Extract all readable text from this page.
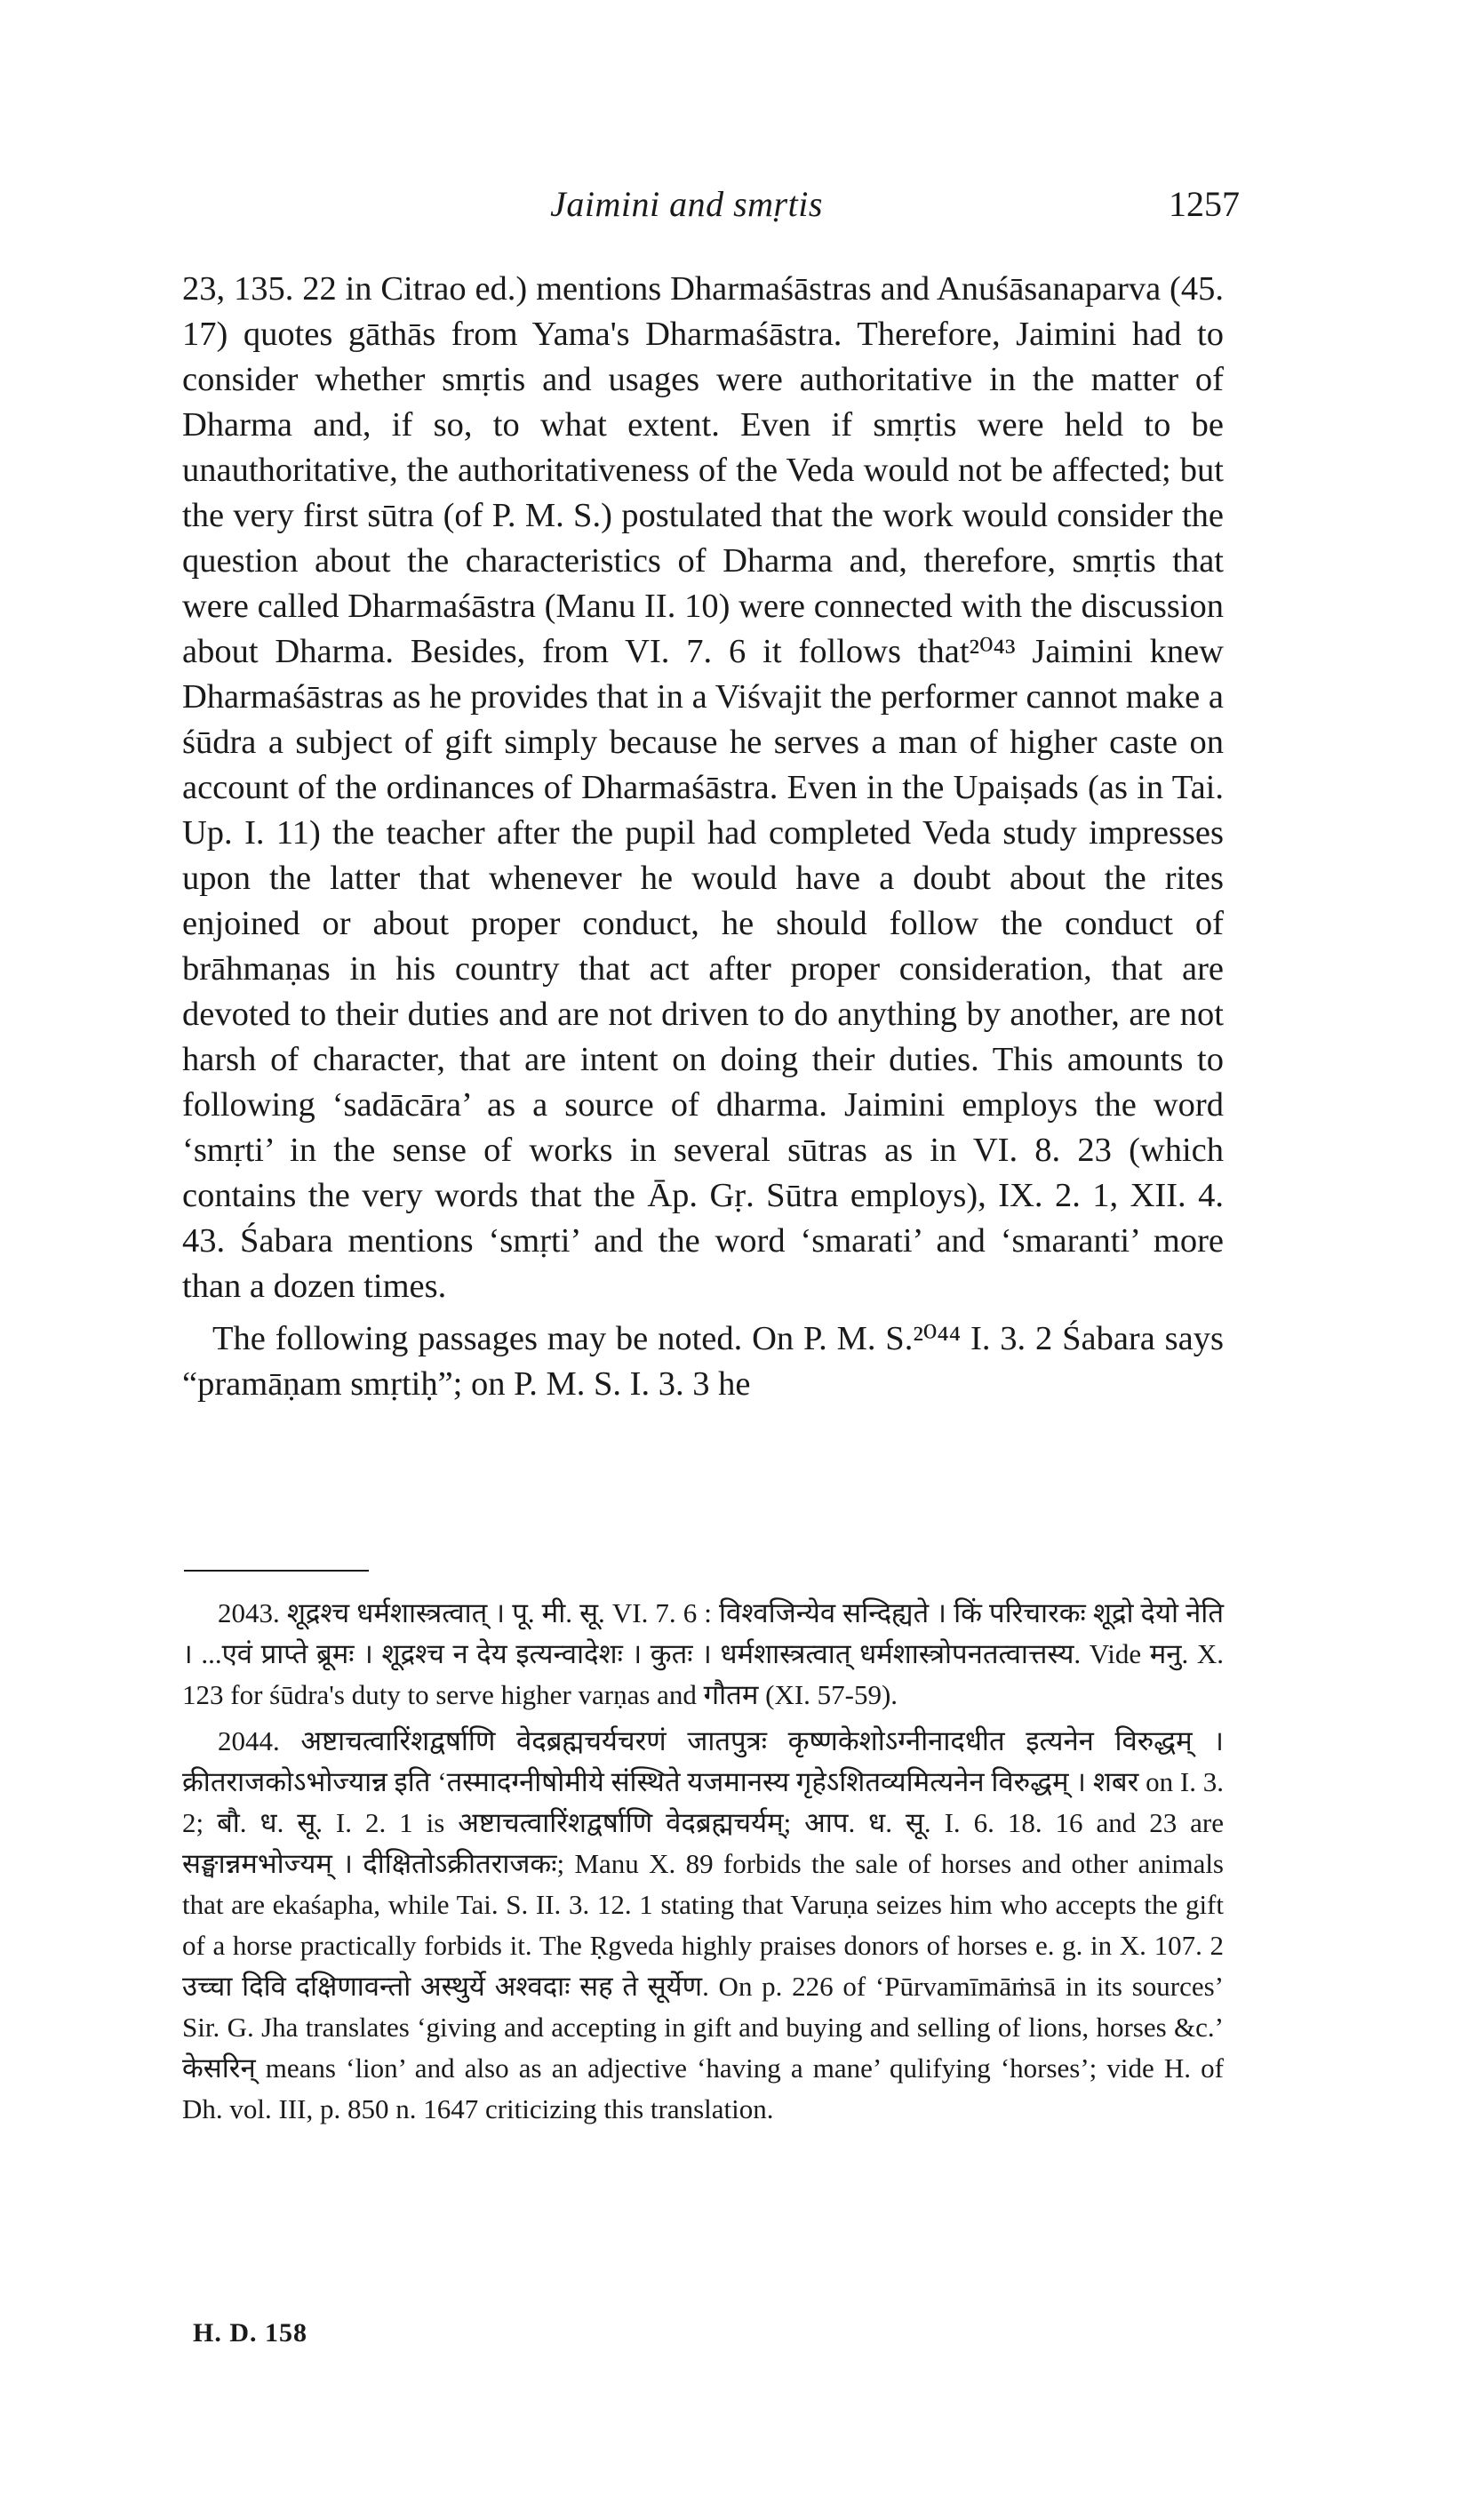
Jaimini and smṛtis	1257

23, 135. 22 in Citrao ed.) mentions Dharmaśāstras and Anuśāsanaparva (45. 17) quotes gāthās from Yama's Dharmaśāstra. Therefore, Jaimini had to consider whether smṛtis and usages were authoritative in the matter of Dharma and, if so, to what extent. Even if smṛtis were held to be unauthoritative, the authoritativeness of the Veda would not be affected; but the very first sūtra (of P. M. S.) postulated that the work would consider the question about the characteristics of Dharma and, therefore, smṛtis that were called Dharmaśāstra (Manu II. 10) were connected with the discussion about Dharma. Besides, from VI. 7. 6 it follows that²⁰⁴³ Jaimini knew Dharmaśāstras as he provides that in a Viśvajit the performer cannot make a śūdra a subject of gift simply because he serves a man of higher caste on account of the ordinances of Dharmaśāstra. Even in the Upaiṣads (as in Tai. Up. I. 11) the teacher after the pupil had completed Veda study impresses upon the latter that whenever he would have a doubt about the rites enjoined or about proper conduct, he should follow the conduct of brāhmaṇas in his country that act after proper consideration, that are devoted to their duties and are not driven to do anything by another, are not harsh of character, that are intent on doing their duties. This amounts to following ‘sadācāra’ as a source of dharma. Jaimini employs the word ‘smṛti’ in the sense of works in several sūtras as in VI. 8. 23 (which contains the very words that the Āp. Gṛ. Sūtra employs), IX. 2. 1, XII. 4. 43. Śabara mentions ‘smṛti’ and the word ‘smarati’ and ‘smaranti’ more than a dozen times.

The following passages may be noted. On P. M. S.²⁰⁴⁴ I. 3. 2 Śabara says “pramāṇam smṛtiḥ”; on P. M. S. I. 3. 3 he

2043. शूद्रश्च धर्मशास्त्रत्वात् । पू. मी. सू. VI. 7. 6 : विश्वजिन्येव सन्दिह्यते । किं परिचारकः शूद्रो देयो नेति । ...एवं प्राप्ते ब्रूमः । शूद्रश्च न देय इत्यन्वादेशः । कुतः । धर्मशास्त्रत्वात् धर्मशास्त्रोपनतत्वात्तस्य. Vide मनु. X. 123 for śūdra's duty to serve higher varṇas and गौतम (XI. 57-59).

2044. अष्टाचत्वारिंशद्वर्षाणि वेदब्रह्मचर्यचरणं जातपुत्रः कृष्णकेशोऽग्नीनादधीत इत्यनेन विरुद्धम् । क्रीतराजकोऽभोज्यान्न इति ‘तस्मादग्नीषोमीये संस्थिते यजमानस्य गृहेऽशितव्यमित्यनेन विरुद्धम् । शबर on I. 3. 2; बौ. ध. सू. I. 2. 1 is अष्टाचत्वारिंशद्वर्षाणि वेदब्रह्मचर्यम्; आप. ध. सू. I. 6. 18. 16 and 23 are सङ्घान्नमभोज्यम् । दीक्षितोऽक्रीतराजकः; Manu X. 89 forbids the sale of horses and other animals that are ekaśapha, while Tai. S. II. 3. 12. 1 stating that Varuṇa seizes him who accepts the gift of a horse practically forbids it. The Ṛgveda highly praises donors of horses e. g. in X. 107. 2 उच्चा दिवि दक्षिणावन्तो अस्थुर्ये अश्वदाः सह ते सूर्येण. On p. 226 of ‘Pūrvamīmāṁsā in its sources’ Sir. G. Jha translates ‘giving and accepting in gift and buying and selling of lions, horses &c.’ केसरिन् means ‘lion’ and also as an adjective ‘having a mane’ qulifying ‘horses’; vide H. of Dh. vol. III, p. 850 n. 1647 criticizing this translation.

H. D. 158
